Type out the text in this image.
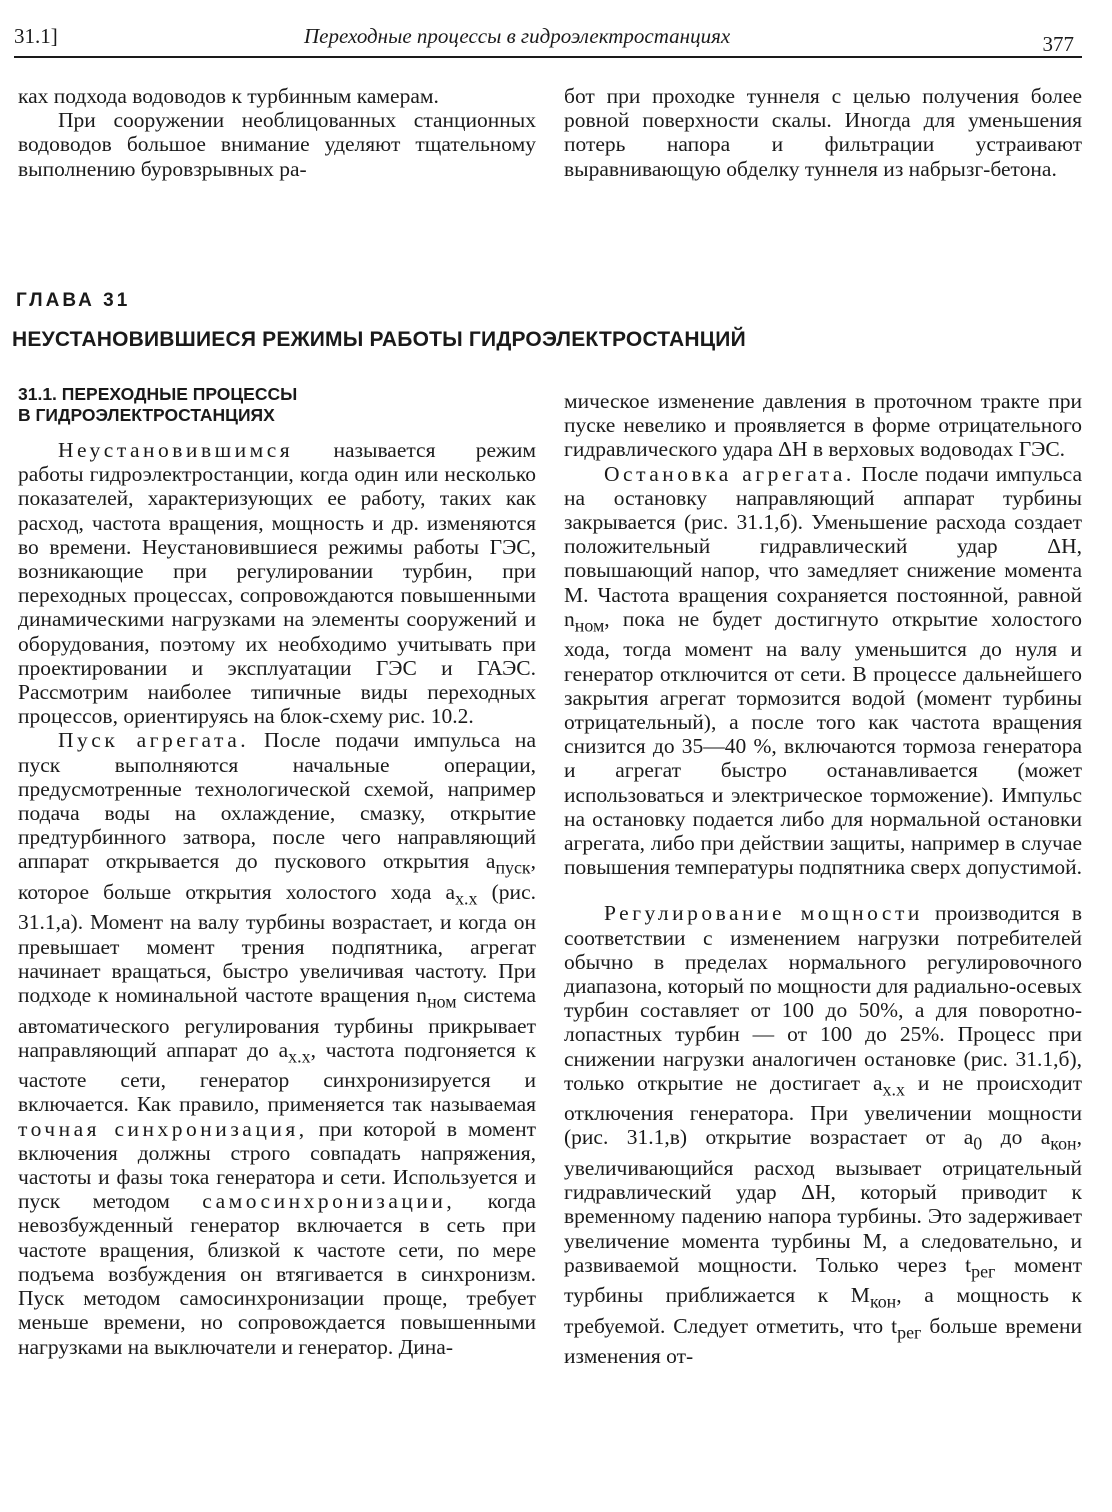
31.1]	Переходные процессы в гидроэлектростанциях	377

ках подхода водоводов к турбинным камерам.

При сооружении необлицованных станционных водоводов большое внимание уделяют тщательному выполнению буровзрывных ра-

бот при проходке туннеля с целью получения более ровной поверхности скалы. Иногда для уменьшения потерь напора и фильтрации устраивают выравнивающую обделку туннеля из набрызг-бетона.

ГЛАВА 31
НЕУСТАНОВИВШИЕСЯ РЕЖИМЫ РАБОТЫ ГИДРОЭЛЕКТРОСТАНЦИЙ
31.1. ПЕРЕХОДНЫЕ ПРОЦЕССЫ
В ГИДРОЭЛЕКТРОСТАНЦИЯХ

Неустановившимся называется режим работы гидроэлектростанции, когда один или несколько показателей, характеризующих ее работу, таких как расход, частота вращения, мощность и др. изменяются во времени. Неустановившиеся режимы работы ГЭС, возникающие при регулировании турбин, при переходных процессах, сопровождаются повышенными динамическими нагрузками на элементы сооружений и оборудования, поэтому их необходимо учитывать при проектировании и эксплуатации ГЭС и ГАЭС. Рассмотрим наиболее типичные виды переходных процессов, ориентируясь на блок-схему рис. 10.2.

Пуск агрегата. После подачи импульса на пуск выполняются начальные операции, предусмотренные технологической схемой, например подача воды на охлаждение, смазку, открытие предтурбинного затвора, после чего направляющий аппарат открывается до пускового открытия $a_{пуск}$, которое больше открытия холостого хода $a_{x.x}$ (рис. 31.1,а). Момент на валу турбины возрастает, и когда он превышает момент трения подпятника, агрегат начинает вращаться, быстро увеличивая частоту. При подходе к номинальной частоте вращения $n_{ном}$ система автоматического регулирования турбины прикрывает направляющий аппарат до $a_{x.x}$, частота подгоняется к частоте сети, генератор синхронизируется и включается. Как правило, применяется так называемая точная синхронизация, при которой в момент включения должны строго совпадать напряжения, частоты и фазы тока генератора и сети. Используется и пуск методом самосинхронизации, когда невозбужденный генератор включается в сеть при частоте вращения, близкой к частоте сети, по мере подъема возбуждения он втягивается в синхронизм. Пуск методом самосинхронизации проще, требует меньше времени, но сопровождается повышенными нагрузками на выключатели и генератор. Дина-

мическое изменение давления в проточном тракте при пуске невелико и проявляется в форме отрицательного гидравлического удара ΔH в верховых водоводах ГЭС.

Остановка агрегата. После подачи импульса на остановку направляющий аппарат турбины закрывается (рис. 31.1,б). Уменьшение расхода создает положительный гидравлический удар ΔH, повышающий напор, что замедляет снижение момента M. Частота вращения сохраняется постоянной, равной $n_{ном}$, пока не будет достигнуто открытие холостого хода, тогда момент на валу уменьшится до нуля и генератор отключится от сети. В процессе дальнейшего закрытия агрегат тормозится водой (момент турбины отрицательный), а после того как частота вращения снизится до 35—40 %, включаются тормоза генератора и агрегат быстро останавливается (может использоваться и электрическое торможение). Импульс на остановку подается либо для нормальной остановки агрегата, либо при действии защиты, например в случае повышения температуры подпятника сверх допустимой.

Регулирование мощности производится в соответствии с изменением нагрузки потребителей обычно в пределах нормального регулировочного диапазона, который по мощности для радиально-осевых турбин составляет от 100 до 50%, а для поворотно-лопастных турбин — от 100 до 25%. Процесс при снижении нагрузки аналогичен остановке (рис. 31.1,б), только открытие не достигает $a_{x.x}$ и не происходит отключения генератора. При увеличении мощности (рис. 31.1,в) открытие возрастает от $a_0$ до $a_{кон}$, увеличивающийся расход вызывает отрицательный гидравлический удар ΔH, который приводит к временному падению напора турбины. Это задерживает увеличение момента турбины M, а следовательно, и развиваемой мощности. Только через $t_{рег}$ момент турбины приближается к $M_{кон}$, а мощность к требуемой. Следует отметить, что $t_{рег}$ больше времени изменения от-
